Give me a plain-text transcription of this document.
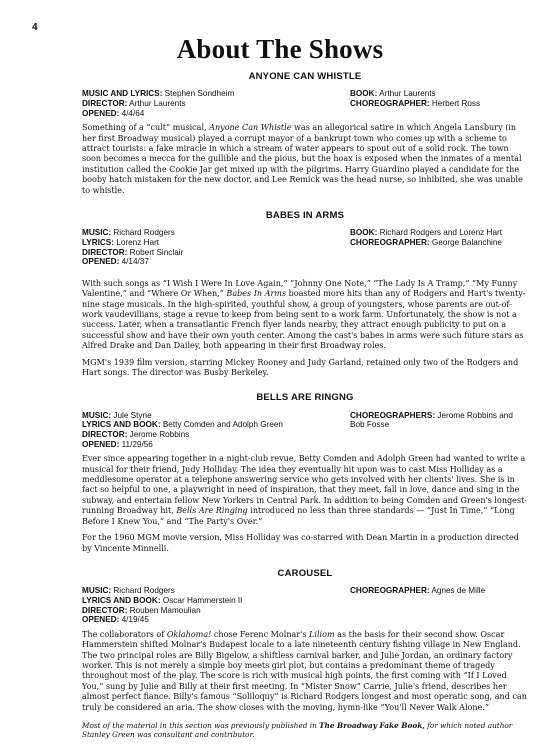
4
About The Shows
ANYONE CAN WHISTLE
MUSIC AND LYRICS: Stephen Sondheim
DIRECTOR: Arthur Laurents
OPENED: 4/4/64
BOOK: Arthur Laurents
CHOREOGRAPHER: Herbert Ross

Something of a “cult” musical, Anyone Can Whistle was an allegorical satire in which Angela Lansbury (in her first Broadway musical) played a corrupt mayor of a bankrupt town who comes up with a scheme to attract tourists: a fake miracle in which a stream of water appears to spout out of a solid rock. The town soon becomes a mecca for the gullible and the pious, but the hoax is exposed when the inmates of a mental institution called the Cookie Jar get mixed up with the pilgrims. Harry Guardino played a candidate for the booby hatch mistaken for the new doctor, and Lee Remick was the head nurse, so inhibited, she was unable to whistle.

BABES IN ARMS
MUSIC: Richard Rodgers
LYRICS: Lorenz Hart
DIRECTOR: Robert Sinclair
OPENED: 4/14/37
BOOK: Richard Rodgers and Lorenz Hart
CHOREOGRAPHER: George Balanchine

With such songs as “I Wish I Were In Love Again,” “Johnny One Note,” “The Lady Is A Tramp,” “My Funny Valentine,” and “Where Or When,” Babes In Arms boasted more hits than any of Rodgers and Hart's twenty-nine stage musicals. In the high-spirited, youthful show, a group of youngsters, whose parents are out-of-work vaudevillians, stage a revue to keep from being sent to a work farm. Unfortunately, the show is not a success. Later, when a transatlantic French flyer lands nearby, they attract enough publicity to put on a successful show and have their own youth center. Among the cast's babes in arms were such future stars as Alfred Drake and Dan Dailey, both appearing in their first Broadway roles.

MGM's 1939 film version, starring Mickey Rooney and Judy Garland, retained only two of the Rodgers and Hart songs. The director was Busby Berkeley.

BELLS ARE RINGNG
MUSIC: Jule Styne
LYRICS AND BOOK: Betty Comden and Adolph Green
DIRECTOR: Jerome Robbins
OPENED: 11/29/56
CHOREOGRAPHERS: Jerome Robbins and Bob Fosse

Ever since appearing together in a night-club revue, Betty Comden and Adolph Green had wanted to write a musical for their friend, Judy Holliday. The idea they eventually hit upon was to cast Miss Holliday as a meddlesome operator at a telephone answering service who gets involved with her clients' lives. She is in fact so helpful to one, a playwright in need of inspiration, that they meet, fall in love, dance and sing in the subway, and entertain fellow New Yorkers in Central Park. In addition to being Comden and Green's longest-running Broadway hit, Bells Are Ringing introduced no less than three standards — “Just In Time,” “Long Before I Knew You,” and “The Party's Over.”

For the 1960 MGM movie version, Miss Holliday was co-starred with Dean Martin in a production directed by Vincente Minnelli.

CAROUSEL
MUSIC: Richard Rodgers
LYRICS AND BOOK: Oscar Hammerstein II
DIRECTOR: Rouben Mamoulian
OPENED: 4/19/45
CHOREOGRAPHER: Agnes de Mille

The collaborators of Oklahoma! chose Ferenc Molnar's Liliom as the basis for their second show. Oscar Hammerstein shifted Molnar's Budapest locale to a late nineteenth century fishing village in New England. The two principal roles are Billy Bigelow, a shiftless carnival barker, and Julie Jordan, an ordinary factory worker. This is not merely a simple boy meets girl plot, but contains a predominant theme of tragedy throughout most of the play. The score is rich with musical high points, the first coming with “If I Loved You,” sung by Julie and Billy at their first meeting. In “Mister Snow” Carrie, Julie's friend, describes her almost perfect fiance. Billy's famous “Soliloquy” is Richard Rodgers longest and most operatic song, and can truly be considered an aria. The show closes with the moving, hymn-like “You'll Never Walk Alone.”

Most of the material in this section was previously published in The Broadway Fake Book, for which noted author Stanley Green was consultant and contributor.
